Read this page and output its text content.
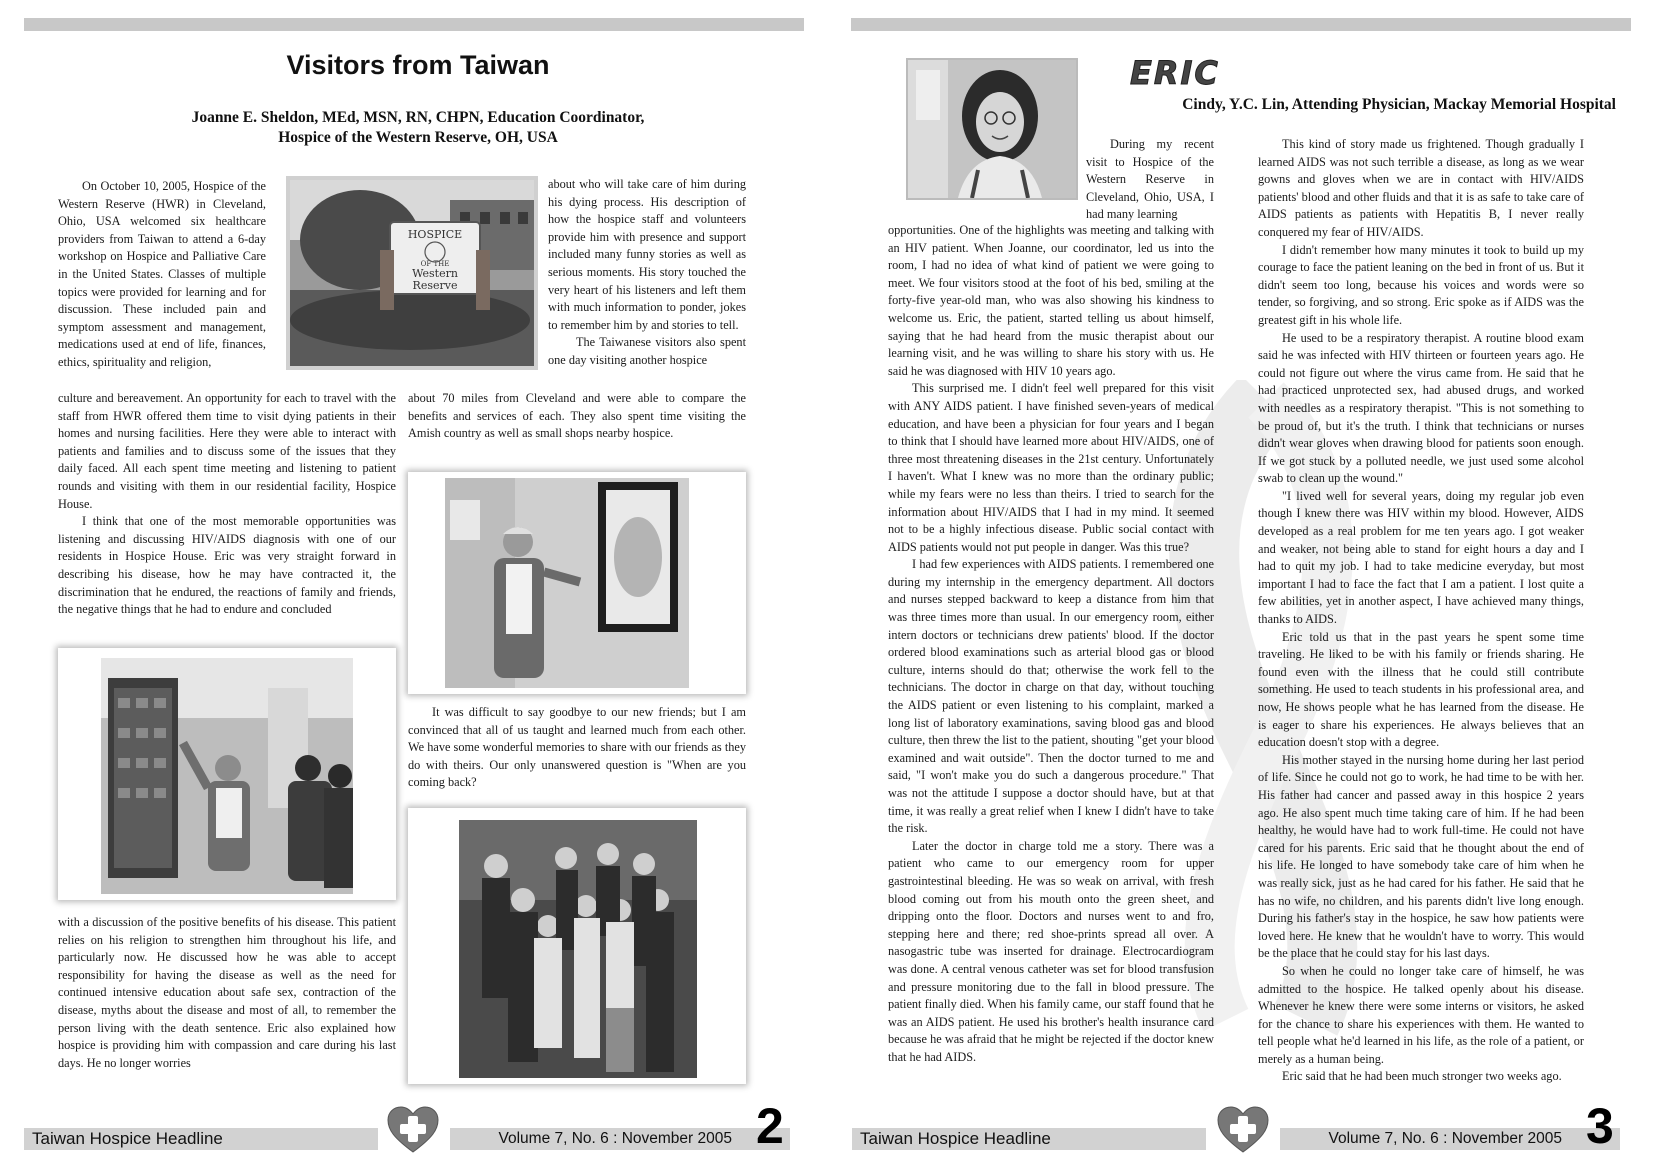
Visitors from Taiwan
Joanne E. Sheldon, MEd, MSN, RN, CHPN, Education Coordinator,
Hospice of the Western Reserve, OH, USA

On October 10, 2005, Hospice of the Western Reserve (HWR) in Cleveland, Ohio, USA welcomed six healthcare providers from Taiwan to attend a 6-day workshop on Hospice and Palliative Care in the United States. Classes of multiple topics were provided for learning and for discussion. These included pain and symptom assessment and management, medications used at end of life, finances, ethics, spirituality and religion,

HOSPICE
OF THE
Western
Reserve

about who will take care of him during his dying process. His description of how the hospice staff and volunteers provide him with presence and support included many funny stories as well as serious moments. His story touched the very heart of his listeners and left them with much information to ponder, jokes to remember him by and stories to tell.

The Taiwanese visitors also spent one day visiting another hospice

culture and bereavement. An opportunity for each to travel with the staff from HWR offered them time to visit dying patients in their homes and nursing facilities. Here they were able to interact with patients and families and to discuss some of the issues that they daily faced. All each spent time meeting and listening to patient rounds and visiting with them in our residential facility, Hospice House.

I think that one of the most memorable opportunities was listening and discussing HIV/AIDS diagnosis with one of our residents in Hospice House. Eric was very straight forward in describing his disease, how he may have contracted it, the discrimination that he endured, the reactions of family and friends, the negative things that he had to endure and concluded

about 70 miles from Cleveland and were able to compare the benefits and services of each. They also spent time visiting the Amish country as well as small shops nearby hospice.

It was difficult to say goodbye to our new friends; but I am convinced that all of us taught and learned much from each other. We have some wonderful memories to share with our friends as they do with theirs. Our only unanswered question is "When are you coming back?

with a discussion of the positive benefits of his disease. This patient relies on his religion to strengthen him throughout his life, and particularly now. He discussed how he was able to accept responsibility for having the disease as well as the need for continued intensive education about safe sex, contraction of the disease, myths about the disease and most of all, to remember the person living with the death sentence. Eric also explained how hospice is providing him with compassion and care during his last days. He no longer worries

Taiwan Hospice Headline	Volume 7, No. 6 : November 2005 2
ERIC
Cindy, Y.C. Lin, Attending Physician, Mackay Memorial Hospital

During my recent visit to Hospice of the Western Reserve in Cleveland, Ohio, USA, I had many learning

opportunities. One of the highlights was meeting and talking with an HIV patient. When Joanne, our coordinator, led us into the room, I had no idea of what kind of patient we were going to meet. We four visitors stood at the foot of his bed, smiling at the forty-five year-old man, who was also showing his kindness to welcome us. Eric, the patient, started telling us about himself, saying that he had heard from the music therapist about our learning visit, and he was willing to share his story with us. He said he was diagnosed with HIV 10 years ago.

This surprised me. I didn't feel well prepared for this visit with ANY AIDS patient. I have finished seven-years of medical education, and have been a physician for four years and I began to think that I should have learned more about HIV/AIDS, one of three most threatening diseases in the 21st century. Unfortunately I haven't. What I knew was no more than the ordinary public; while my fears were no less than theirs. I tried to search for the information about HIV/AIDS that I had in my mind. It seemed not to be a highly infectious disease. Public social contact with AIDS patients would not put people in danger. Was this true?

I had few experiences with AIDS patients. I remembered one during my internship in the emergency department. All doctors and nurses stepped backward to keep a distance from him that was three times more than usual. In our emergency room, either intern doctors or technicians drew patients' blood. If the doctor ordered blood examinations such as arterial blood gas or blood culture, interns should do that; otherwise the work fell to the technicians. The doctor in charge on that day, without touching the AIDS patient or even listening to his complaint, marked a long list of laboratory examinations, saving blood gas and blood culture, then threw the list to the patient, shouting "get your blood examined and wait outside". Then the doctor turned to me and said, "I won't make you do such a dangerous procedure." That was not the attitude I suppose a doctor should have, but at that time, it was really a great relief when I knew I didn't have to take the risk.

Later the doctor in charge told me a story. There was a patient who came to our emergency room for upper gastrointestinal bleeding. He was so weak on arrival, with fresh blood coming out from his mouth onto the green sheet, and dripping onto the floor. Doctors and nurses went to and fro, stepping here and there; red shoe-prints spread all over. A nasogastric tube was inserted for drainage. Electrocardiogram was done. A central venous catheter was set for blood transfusion and pressure monitoring due to the fall in blood pressure. The patient finally died. When his family came, our staff found that he was an AIDS patient. He used his brother's health insurance card because he was afraid that he might be rejected if the doctor knew that he had AIDS.

This kind of story made us frightened. Though gradually I learned AIDS was not such terrible a disease, as long as we wear gowns and gloves when we are in contact with HIV/AIDS patients' blood and other fluids and that it is as safe to take care of AIDS patients as patients with Hepatitis B, I never really conquered my fear of HIV/AIDS.

I didn't remember how many minutes it took to build up my courage to face the patient leaning on the bed in front of us. But it didn't seem too long, because his voices and words were so tender, so forgiving, and so strong. Eric spoke as if AIDS was the greatest gift in his whole life.

He used to be a respiratory therapist. A routine blood exam said he was infected with HIV thirteen or fourteen years ago. He could not figure out where the virus came from. He said that he had practiced unprotected sex, had abused drugs, and worked with needles as a respiratory therapist. "This is not something to be proud of, but it's the truth. I think that technicians or nurses didn't wear gloves when drawing blood for patients soon enough. If we got stuck by a polluted needle, we just used some alcohol swab to clean up the wound."

"I lived well for several years, doing my regular job even though I knew there was HIV within my blood. However, AIDS developed as a real problem for me ten years ago. I got weaker and weaker, not being able to stand for eight hours a day and I had to quit my job. I had to take medicine everyday, but most important I had to face the fact that I am a patient. I lost quite a few abilities, yet in another aspect, I have achieved many things, thanks to AIDS.

Eric told us that in the past years he spent some time traveling. He liked to be with his family or friends sharing. He found even with the illness that he could still contribute something. He used to teach students in his professional area, and now, He shows people what he has learned from the disease. He is eager to share his experiences. He always believes that an education doesn't stop with a degree.

His mother stayed in the nursing home during her last period of life. Since he could not go to work, he had time to be with her. His father had cancer and passed away in this hospice 2 years ago. He also spent much time taking care of him. If he had been healthy, he would have had to work full-time. He could not have cared for his parents. Eric said that he thought about the end of his life. He longed to have somebody take care of him when he was really sick, just as he had cared for his father. He said that he has no wife, no children, and his parents didn't live long enough. During his father's stay in the hospice, he saw how patients were loved here. He knew that he wouldn't have to worry. This would be the place that he could stay for his last days.

So when he could no longer take care of himself, he was admitted to the hospice. He talked openly about his disease. Whenever he knew there were some interns or visitors, he asked for the chance to share his experiences with them. He wanted to tell people what he'd learned in his life, as the role of a patient, or merely as a human being.

Eric said that he had been much stronger two weeks ago.

Taiwan Hospice Headline	Volume 7, No. 6 : November 2005 3
